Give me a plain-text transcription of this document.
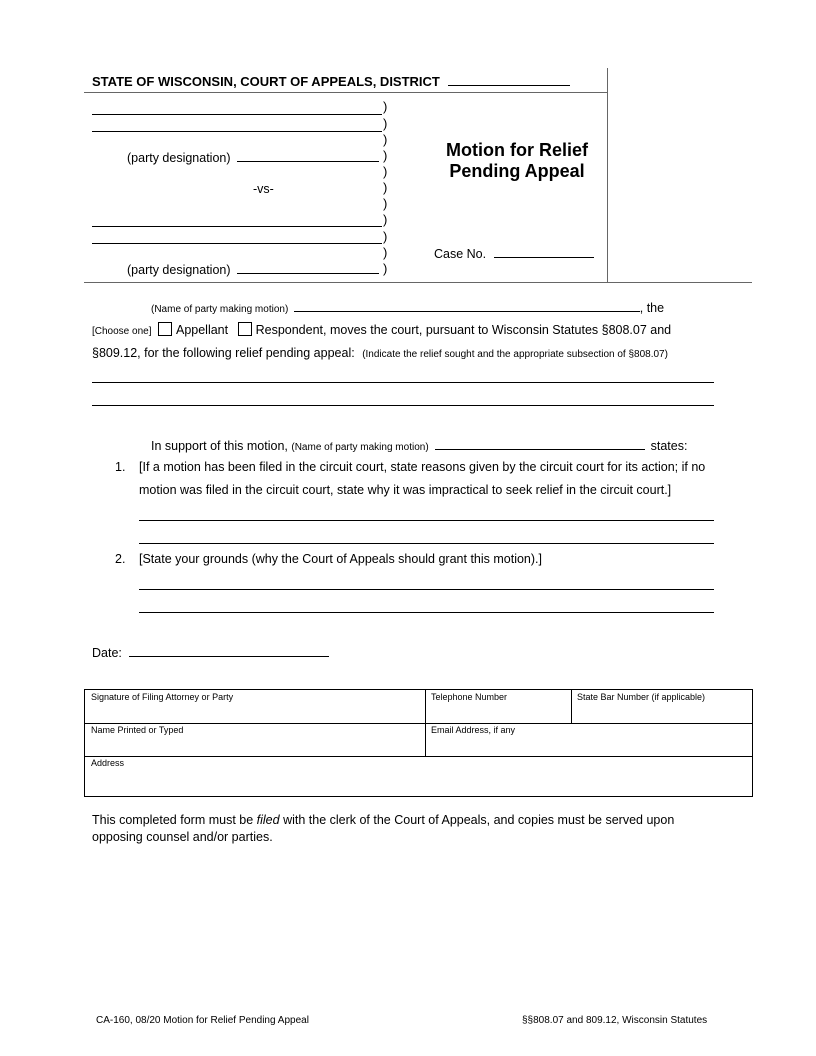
STATE OF WISCONSIN, COURT OF APPEALS, DISTRICT
(party designation)
-vs-
(party designation)
)
)
)
)
)
)
)
)
)
)
)
Motion for Relief
Pending Appeal
Case No.
(Name of party making motion)	, the
[Choose one] Appellant Respondent, moves the court, pursuant to Wisconsin Statutes §808.07 and
§809.12, for the following relief pending appeal: (Indicate the relief sought and the appropriate subsection of §808.07)
In support of this motion, (Name of party making motion)	states:
1. [If a motion has been filed in the circuit court, state reasons given by the circuit court for its action; if no
motion was filed in the circuit court, state why it was impractical to seek relief in the circuit court.]
2. [State your grounds (why the Court of Appeals should grant this motion).]
Date:
Signature of Filing Attorney or Party	Telephone Number	State Bar Number (if applicable)
Name Printed or Typed	Email Address, if any
Address
This completed form must be filed with the clerk of the Court of Appeals, and copies must be served upon
opposing counsel and/or parties.
CA-160, 08/20 Motion for Relief Pending Appeal	§§808.07 and 809.12, Wisconsin Statutes
